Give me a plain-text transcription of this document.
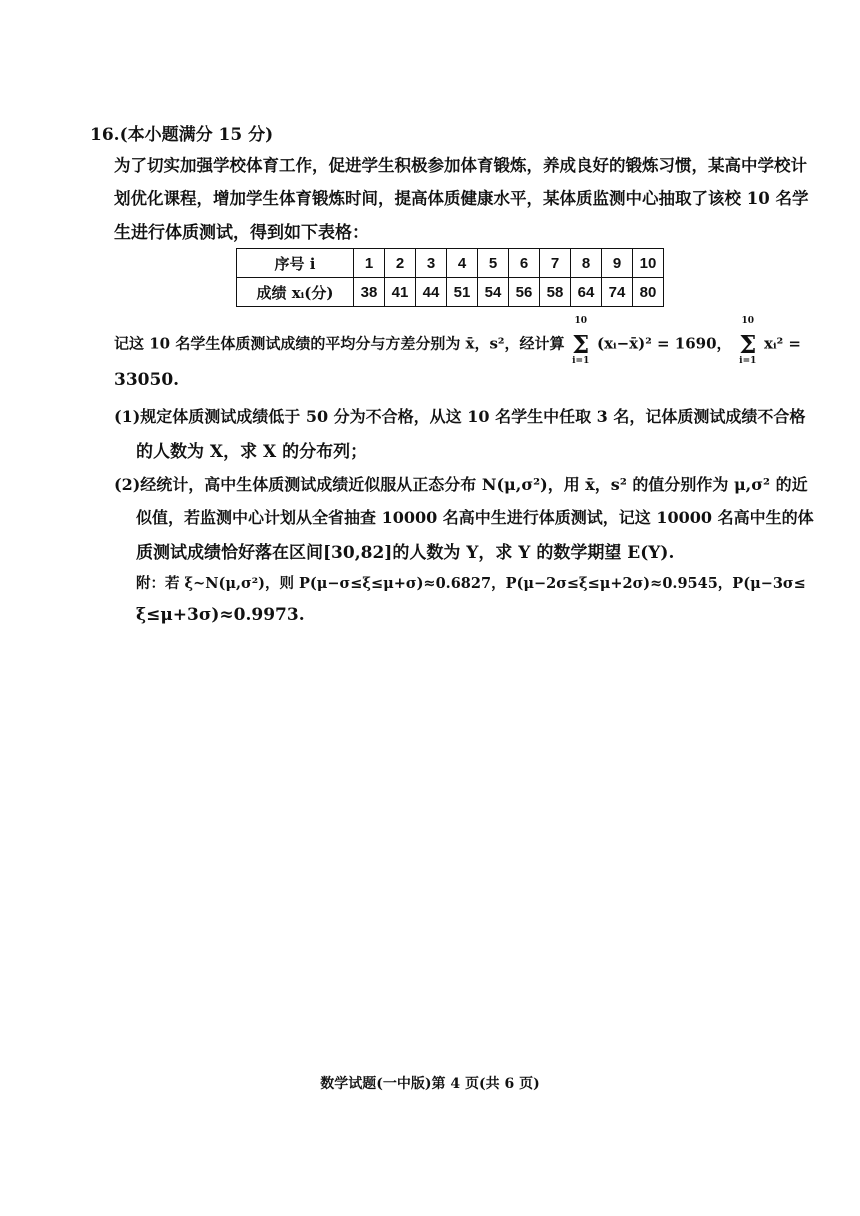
16.(本小题满分 15 分)
为了切实加强学校体育工作，促进学生积极参加体育锻炼，养成良好的锻炼习惯，某高中学校计
划优化课程，增加学生体育锻炼时间，提高体质健康水平，某体质监测中心抽取了该校 10 名学
生进行体质测试，得到如下表格：
序号 i	1	2	3	4	5	6	7	8	9	10
成绩 xᵢ(分)	38	41	44	51	54	56	58	64	74	80
记这 10 名学生体质测试成绩的平均分与方差分别为 x̄，s²，经计算 Σ
10
i=1
(xᵢ−x̄)² = 1690， Σ
10
i=1
xᵢ² =
33050.
(1)规定体质测试成绩低于 50 分为不合格，从这 10 名学生中任取 3 名，记体质测试成绩不合格
的人数为 X，求 X 的分布列；
(2)经统计，高中生体质测试成绩近似服从正态分布 N(μ,σ²)，用 x̄，s² 的值分别作为 μ,σ² 的近
似值，若监测中心计划从全省抽查 10000 名高中生进行体质测试，记这 10000 名高中生的体
质测试成绩恰好落在区间[30,82]的人数为 Y，求 Y 的数学期望 E(Y).
附：若 ξ~N(μ,σ²)，则 P(μ−σ≤ξ≤μ+σ)≈0.6827，P(μ−2σ≤ξ≤μ+2σ)≈0.9545，P(μ−3σ≤
ξ≤μ+3σ)≈0.9973.
数学试题(一中版)第 4 页(共 6 页)
